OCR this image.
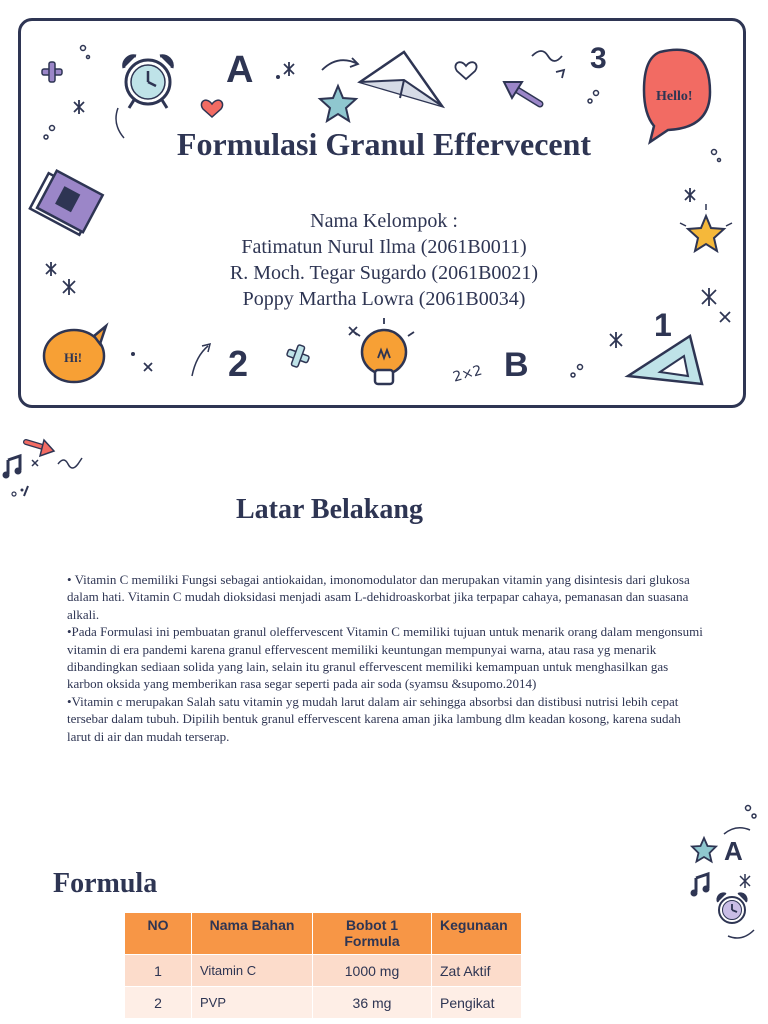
A	3
Hello!
Hi!	2	2×2 B
1
Formulasi Granul Effervecent
Nama Kelompok :
Fatimatun Nurul Ilma (2061B0011)
R. Moch. Tegar Sugardo (2061B0021)
Poppy Martha Lowra (2061B0034)
Latar Belakang

• Vitamin C memiliki Fungsi sebagai antiokaidan, imonomodulator dan merupakan vitamin yang disintesis dari glukosa dalam hati. Vitamin C mudah dioksidasi menjadi asam L-dehidroaskorbat jika terpapar cahaya, pemanasan dan suasana alkali.

•Pada Formulasi ini pembuatan granul oleffervescent Vitamin C memiliki tujuan untuk menarik orang dalam mengonsumi vitamin di era pandemi karena granul effervescent memiliki keuntungan mempunyai warna, atau rasa yg menarik dibandingkan sediaan solida yang lain, selain itu granul effervescent memiliki kemampuan untuk menghasilkan gas karbon oksida yang memberikan rasa segar seperti pada air soda (syamsu &supomo.2014)

•Vitamin c merupakan Salah satu vitamin yg mudah larut dalam air sehingga absorbsi dan distibusi nutrisi lebih cepat tersebar dalam tubuh. Dipilih bentuk granul effervescent karena aman jika lambung dlm keadan kosong, karena sudah larut di air dan mudah terserap.

A
Formula
NO	Nama Bahan	Bobot 1 Formula	Kegunaan
1	Vitamin C	1000 mg	Zat Aktif
2	PVP	36 mg	Pengikat
